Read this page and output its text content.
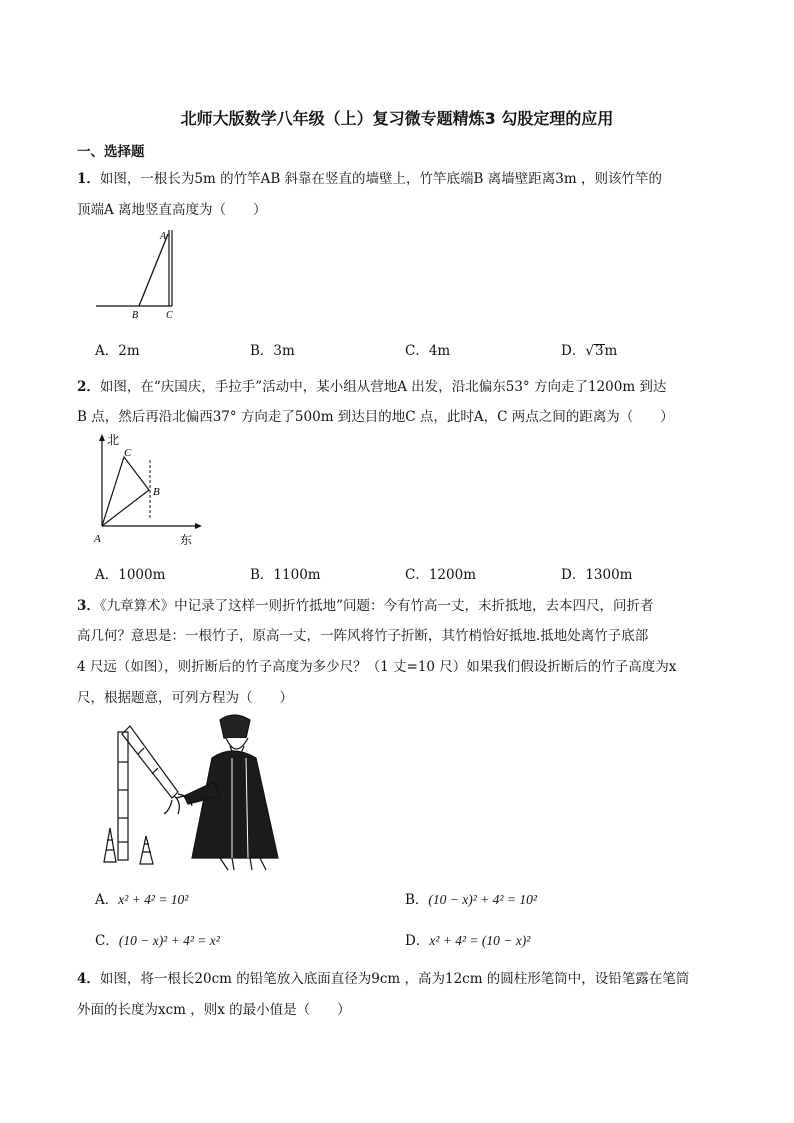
北师大版数学八年级（上）复习微专题精炼3 勾股定理的应用
一、选择题
1．如图，一根长为5m 的竹竿AB 斜靠在竖直的墙壁上，竹竿底端B 离墙壁距离3m ，则该竹竿的
顶端A 离地竖直高度为（　　）
A
B	C
A．2m	B．3m	C．4m	D．√3m
2．如图，在“庆国庆，手拉手”活动中，某小组从营地A 出发，沿北偏东53° 方向走了1200m 到达
B 点，然后再沿北偏西37° 方向走了500m 到达目的地C 点，此时A，C 两点之间的距离为（　　）
北
东
A
B
C
A．1000m	B．1100m	C．1200m	D．1300m
3．《九章算术》中记录了这样一则折竹抵地”问题：今有竹高一丈，末折抵地，去本四尺，问折者
高几何？意思是：一根竹子，原高一丈，一阵风将竹子折断，其竹梢恰好抵地.抵地处离竹子底部
4 尺远（如图），则折断后的竹子高度为多少尺？（1 丈=10 尺）如果我们假设折断后的竹子高度为x
尺，根据题意，可列方程为（　　）
A．x² + 4² = 10²	B．(10 − x)² + 4² = 10²
C．(10 − x)² + 4² = x²	D．x² + 4² = (10 − x)²
4．如图，将一根长20cm 的铅笔放入底面直径为9cm ，高为12cm 的圆柱形笔筒中，设铅笔露在笔筒
外面的长度为xcm ，则x 的最小值是（　　）
